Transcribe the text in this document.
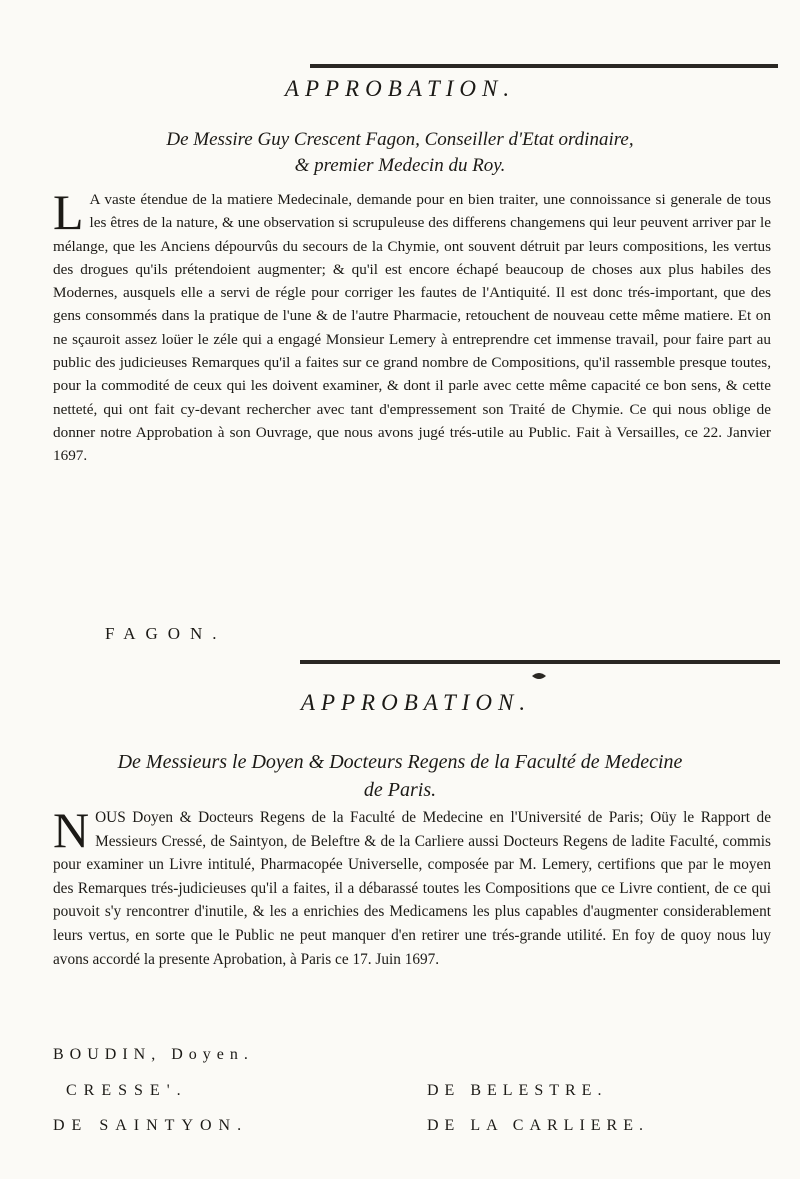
APPROBATION.
De Messire Guy Crescent Fagon, Conseiller d'Etat ordinaire,
& premier Medecin du Roy.
L A vaste étendue de la matiere Medecinale, demande pour en bien traiter, une connoissance si generale de tous les êtres de la nature, & une observation si scrupuleuse des differens changemens qui leur peuvent arriver par le mélange, que les Anciens dépourvûs du secours de la Chymie, ont souvent détruit par leurs compositions, les vertus des drogues qu'ils prétendoient augmenter; & qu'il est encore échapé beaucoup de choses aux plus habiles des Modernes, ausquels elle a servi de régle pour corriger les fautes de l'Antiquité. Il est donc trés-important, que des gens consommés dans la pratique de l'une & de l'autre Pharmacie, retouchent de nouveau cette même matiere. Et on ne sçauroit assez loüer le zéle qui a engagé Monsieur Lemery à entreprendre cet immense travail, pour faire part au public des judicieuses Remarques qu'il a faites sur ce grand nombre de Compositions, qu'il rassemble presque toutes, pour la commodité de ceux qui les doivent examiner, & dont il parle avec cette même capacité ce bon sens, & cette netteté, qui ont fait cy-devant rechercher avec tant d'empressement son Traité de Chymie. Ce qui nous oblige de donner notre Approbation à son Ouvrage, que nous avons jugé trés-utile au Public. Fait à Versailles, ce 22. Janvier 1697.
FAGON.
APPROBATION.
De Messieurs le Doyen & Docteurs Regens de la Faculté de Medecine
de Paris.
NOUS Doyen & Docteurs Regens de la Faculté de Medecine en l'Université de Paris; Oüy le Rapport de Messieurs Cressé, de Saintyon, de Beleftre & de la Carliere aussi Docteurs Regens de ladite Faculté, commis pour examiner un Livre intitulé, Pharmacopée Universelle, composée par M. Lemery, certifions que par le moyen des Remarques trés-judicieuses qu'il a faites, il a débarassé toutes les Compositions que ce Livre contient, de ce qui pouvoit s'y rencontrer d'inutile, & les a enrichies des Medicamens les plus capables d'augmenter considerablement leurs vertus, en sorte que le Public ne peut manquer d'en retirer une trés-grande utilité. En foy de quoy nous luy avons accordé la presente Aprobation, à Paris ce 17. Juin 1697.
BOUDIN, Doyen.
CRESSE'.	DE BELESTRE.
DE SAINTYON.	DE LA CARLIERE.
